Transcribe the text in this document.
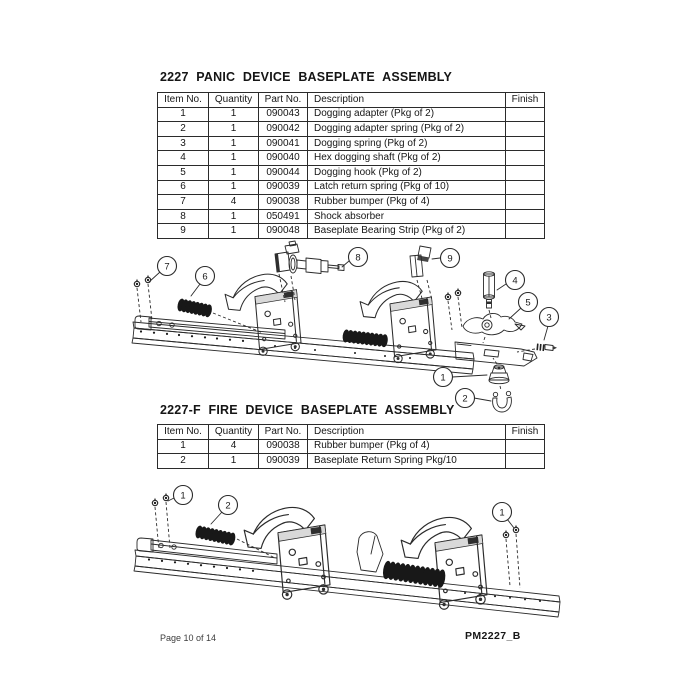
2227 PANIC DEVICE BASEPLATE ASSEMBLY
Item No.	Quantity	Part No.	Description	Finish
1	1	090043	Dogging adapter (Pkg of 2)	
2	1	090042	Dogging adapter spring (Pkg of 2)	
3	1	090041	Dogging spring (Pkg of 2)	
4	1	090040	Hex dogging shaft (Pkg of 2)	
5	1	090044	Dogging hook (Pkg of 2)	
6	1	090039	Latch return spring (Pkg of 10)	
7	4	090038	Rubber bumper (Pkg of 4)	
8	1	050491	Shock absorber	
9	1	090048	Baseplate Bearing Strip (Pkg of 2)	
7
6
8	9
4
5
3
1
2
2227-F FIRE DEVICE BASEPLATE ASSEMBLY
Item No.	Quantity	Part No.	Description	Finish
1	4	090038	Rubber bumper (Pkg of 4)	
2	1	090039	Baseplate Return Spring Pkg/10	
1
2
1
Page 10 of 14	PM2227_B
